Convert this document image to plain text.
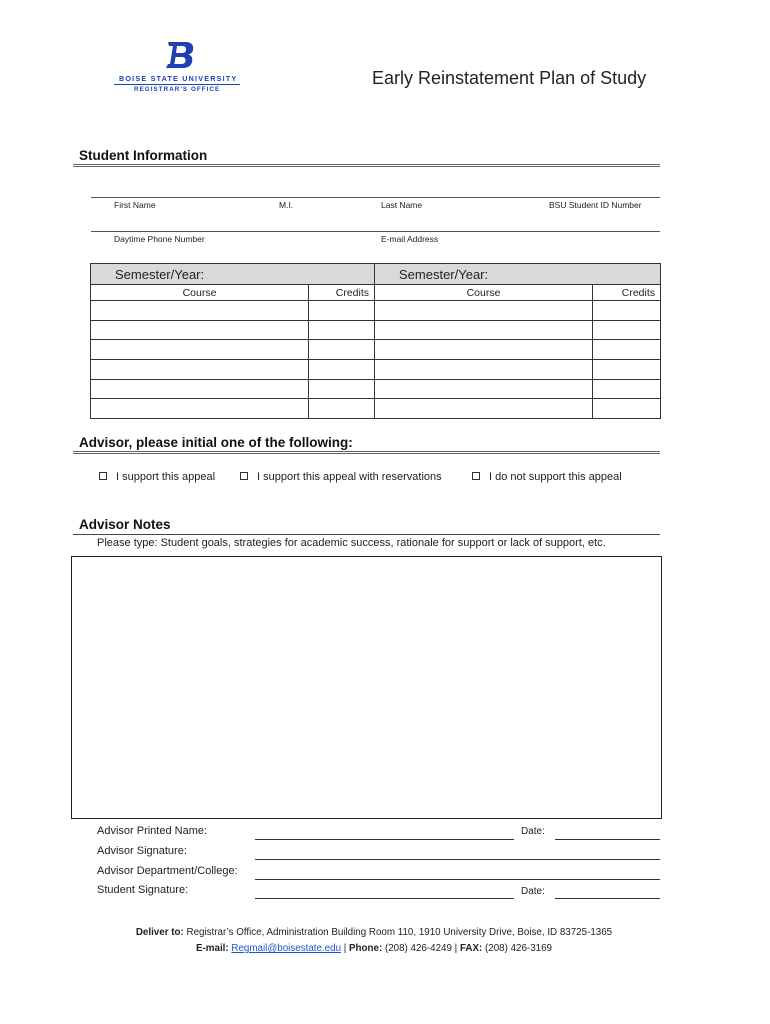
BOISE STATE UNIVERSITY
REGISTRAR'S OFFICE
Early Reinstatement Plan of Study
Student Information
First Name	M.I.	Last Name	BSU Student ID Number
Daytime Phone Number	E-mail Address
Semester/Year:		Semester/Year:	
Course	Credits	Course	Credits

Advisor, please initial one of the following:
I support this appeal	I support this appeal with reservations	I do not support this appeal
Advisor Notes
Please type: Student goals, strategies for academic success, rationale for support or lack of support, etc.
Advisor Printed Name:	Date:
Advisor Signature:
Advisor Department/College:
Student Signature:	Date:
Deliver to: Registrar’s Office, Administration Building Room 110, 1910 University Drive, Boise, ID 83725-1365
E-mail: Regmail@boisestate.edu | Phone: (208) 426-4249 | FAX: (208) 426-3169
